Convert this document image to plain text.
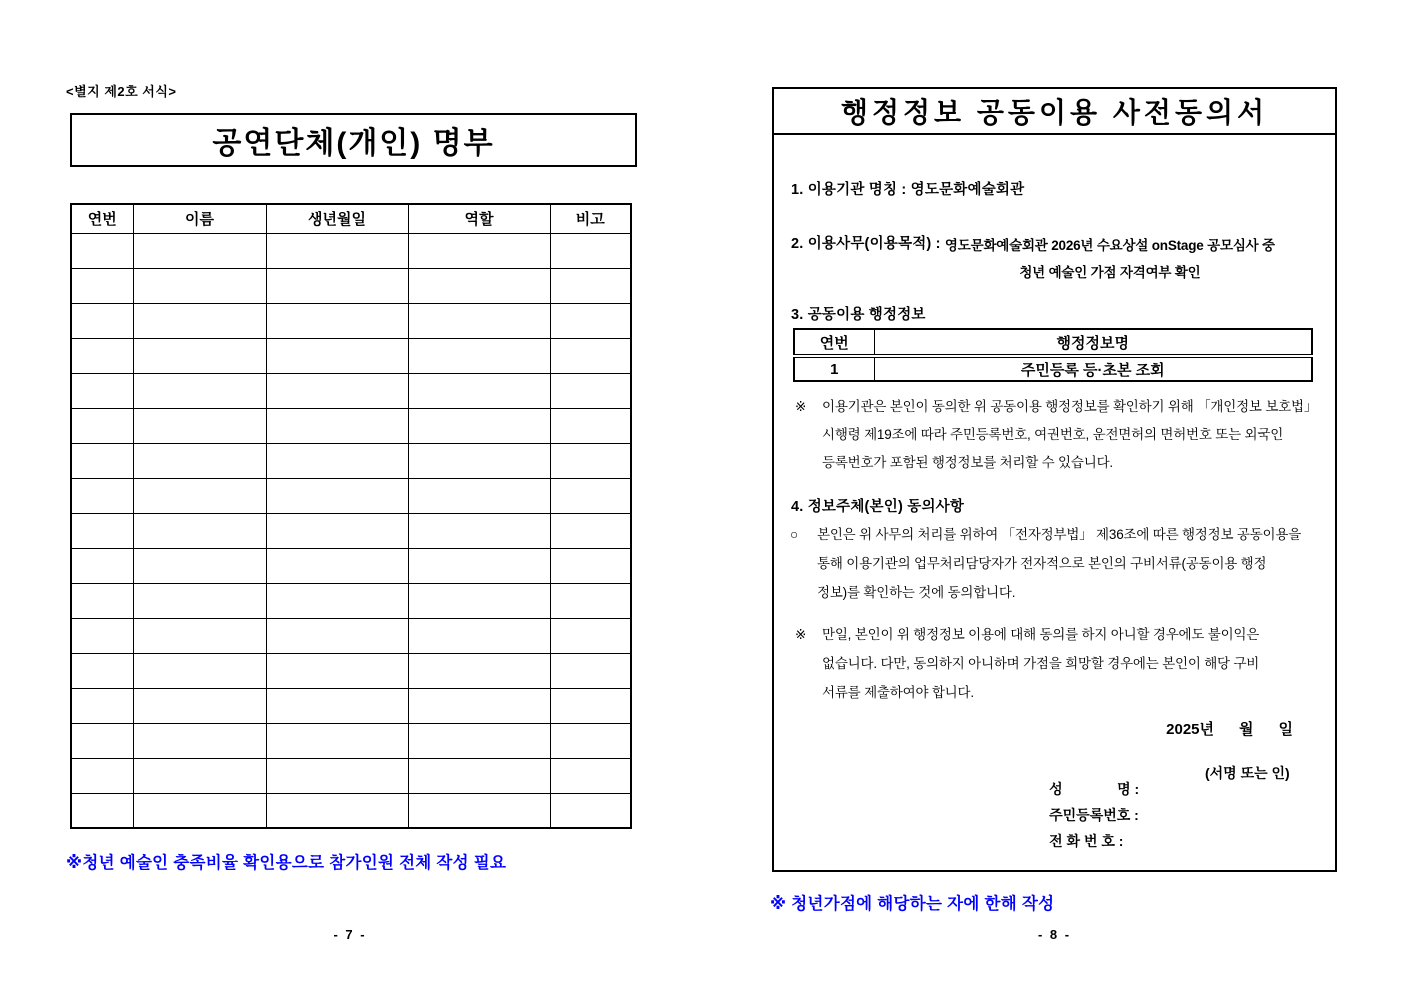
<별지 제2호 서식>
공연단체(개인) 명부
연번	이름	생년월일	역할	비고

※청년 예술인 충족비율 확인용으로 참가인원 전체 작성 필요
- 7 -
행정정보 공동이용 사전동의서
1. 이용기관 명칭 : 영도문화예술회관
2. 이용사무(이용목적) : 영도문화예술회관 2026년 수요상설 onStage 공모심사 중
청년 예술인 가점 자격여부 확인
3. 공동이용 행정정보
연번	행정정보명
1	주민등록 등·초본 조회
※	이용기관은 본인이 동의한 위 공동이용 행정정보를 확인하기 위해 「개인정보 보호법」
시행령 제19조에 따라 주민등록번호, 여권번호, 운전면허의 면허번호 또는 외국인
등록번호가 포함된 행정정보를 처리할 수 있습니다.
4. 정보주체(본인) 동의사항
○	본인은 위 사무의 처리를 위하여 「전자정부법」 제36조에 따른 행정정보 공동이용을
통해 이용기관의 업무처리담당자가 전자적으로 본인의 구비서류(공동이용 행정
정보)를 확인하는 것에 동의합니다.
※	만일, 본인이 위 행정정보 이용에 대해 동의를 하지 아니할 경우에도 불이익은
없습니다. 다만, 동의하지 아니하며 가점을 희망할 경우에는 본인이 해당 구비
서류를 제출하여야 합니다.
2025년      월      일

성              명 :

(서명 또는 인)

주민등록번호 :

전 화 번 호 :

※ 청년가점에 해당하는 자에 한해 작성
- 8 -
